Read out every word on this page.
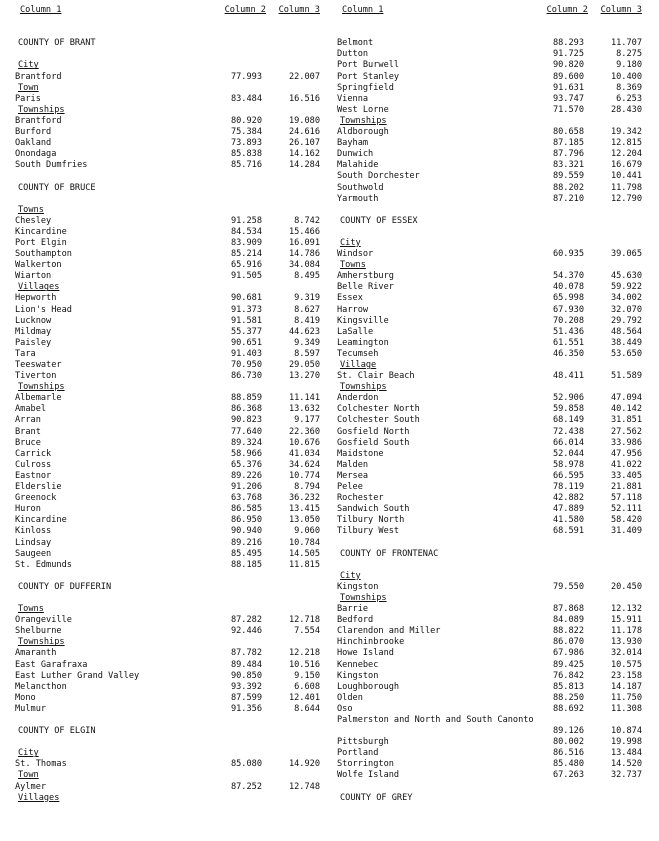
Column 1	Column 2 Column 3
COUNTY OF BRANT
City
Brantford	77.993	22.007
Town
Paris	83.484	16.516
Townships
Brantford	80.920	19.080
Burford	75.384	24.616
Oakland	73.893	26.107
Onondaga	85.838	14.162
South Dumfries	85.716	14.284
COUNTY OF BRUCE
Towns
Chesley	91.258	8.742
Kincardine	84.534	15.466
Port Elgin	83.909	16.091
Southampton	85.214	14.786
Walkerton	65.916	34.084
Wiarton	91.505	8.495
Villages
Hepworth	90.681	9.319
Lion's Head	91.373	8.627
Lucknow	91.581	8.419
Mildmay	55.377	44.623
Paisley	90.651	9.349
Tara	91.403	8.597
Teeswater	70.950	29.050
Tiverton	86.730	13.270
Townships
Albemarle	88.859	11.141
Amabel	86.368	13.632
Arran	90.823	9.177
Brant	77.640	22.360
Bruce	89.324	10.676
Carrick	58.966	41.034
Culross	65.376	34.624
Eastnor	89.226	10.774
Elderslie	91.206	8.794
Greenock	63.768	36.232
Huron	86.585	13.415
Kincardine	86.950	13.050
Kinloss	90.940	9.060
Lindsay	89.216	10.784
Saugeen	85.495	14.505
St. Edmunds	88.185	11.815
COUNTY OF DUFFERIN
Towns
Orangeville	87.282	12.718
Shelburne	92.446	7.554
Townships
Amaranth	87.782	12.218
East Garafraxa	89.484	10.516
East Luther Grand Valley	90.850	9.150
Melancthon	93.392	6.608
Mono	87.599	12.401
Mulmur	91.356	8.644
COUNTY OF ELGIN
City
St. Thomas	85.080	14.920
Town
Aylmer	87.252	12.748
Villages
Column 1	Column 2 Column 3
Belmont	88.293	11.707
Dutton	91.725	8.275
Port Burwell	90.820	9.180
Port Stanley	89.600	10.400
Springfield	91.631	8.369
Vienna	93.747	6.253
West Lorne	71.570	28.430
Townships
Aldborough	80.658	19.342
Bayham	87.185	12.815
Dunwich	87.796	12.204
Malahide	83.321	16.679
South Dorchester	89.559	10.441
Southwold	88.202	11.798
Yarmouth	87.210	12.790
COUNTY OF ESSEX
City
Windsor	60.935	39.065
Towns
Amherstburg	54.370	45.630
Belle River	40.078	59.922
Essex	65.998	34.002
Harrow	67.930	32.070
Kingsville	70.208	29.792
LaSalle	51.436	48.564
Leamington	61.551	38.449
Tecumseh	46.350	53.650
Village
St. Clair Beach	48.411	51.589
Townships
Anderdon	52.906	47.094
Colchester North	59.858	40.142
Colchester South	68.149	31.851
Gosfield North	72.438	27.562
Gosfield South	66.014	33.986
Maidstone	52.044	47.956
Malden	58.978	41.022
Mersea	66.595	33.405
Pelee	78.119	21.881
Rochester	42.882	57.118
Sandwich South	47.889	52.111
Tilbury North	41.580	58.420
Tilbury West	68.591	31.409
COUNTY OF FRONTENAC
City
Kingston	79.550	20.450
Townships
Barrie	87.868	12.132
Bedford	84.089	15.911
Clarendon and Miller	88.822	11.178
Hinchinbrooke	86.070	13.930
Howe Island	67.986	32.014
Kennebec	89.425	10.575
Kingston	76.842	23.158
Loughborough	85.813	14.187
Olden	88.250	11.750
Oso	88.692	11.308
Palmerston and North and South Canonto
89.126	10.874
Pittsburgh	80.002	19.998
Portland	86.516	13.484
Storrington	85.480	14.520
Wolfe Island	67.263	32.737
COUNTY OF GREY
